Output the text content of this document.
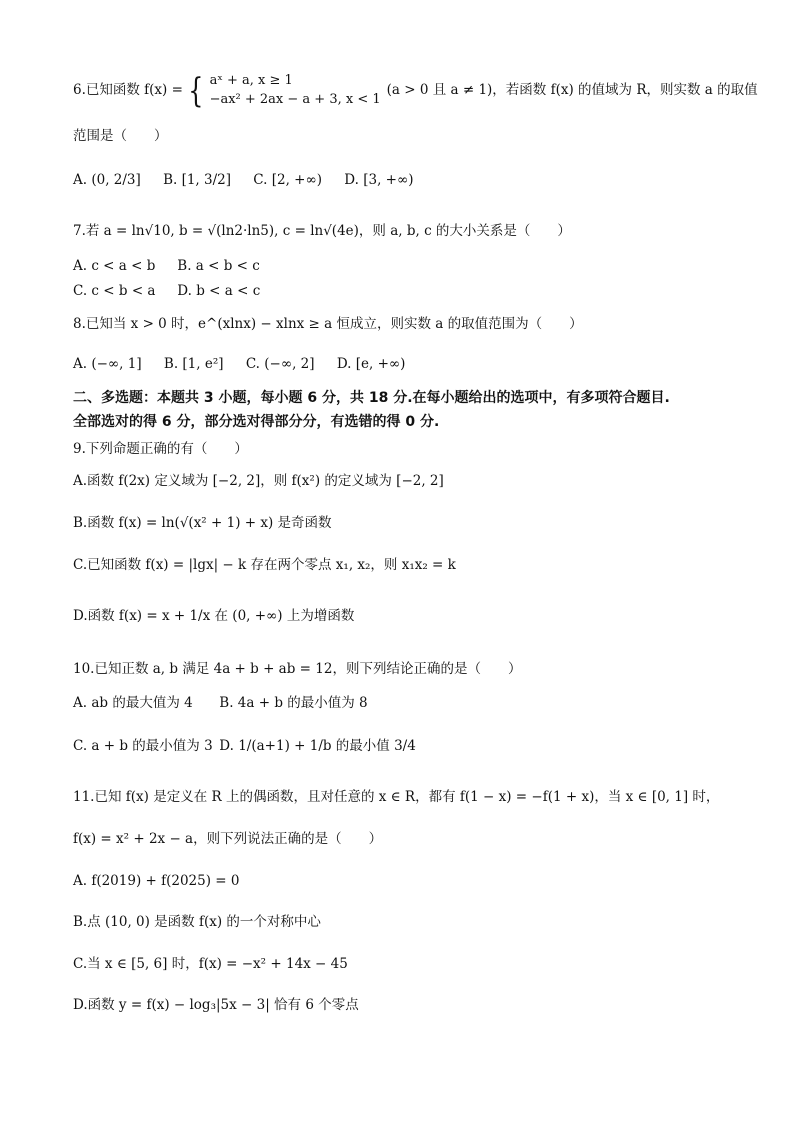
6.已知函数 f(x) = { aˣ + a, x ≥ 1
−ax² + 2ax − a + 3, x < 1
(a > 0 且 a ≠ 1)，若函数 f(x) 的值域为 R，则实数 a 的取值
范围是（　　）
A. (0, 2/3] B. [1, 3/2] C. [2, +∞) D. [3, +∞)
7.若 a = ln√10, b = √(ln2·ln5), c = ln√(4e)，则 a, b, c 的大小关系是（　　）
A. c < a < b B. a < b < c
C. c < b < a D. b < a < c
8.已知当 x > 0 时，e^(xlnx) − xlnx ≥ a 恒成立，则实数 a 的取值范围为（　　）
A. (−∞, 1] B. [1, e²] C. (−∞, 2] D. [e, +∞)
二、多选题：本题共 3 小题，每小题 6 分，共 18 分.在每小题给出的选项中，有多项符合题目.
全部选对的得 6 分，部分选对得部分分，有选错的得 0 分.
9.下列命题正确的有（　　）
A.函数 f(2x) 定义域为 [−2, 2]，则 f(x²) 的定义域为 [−2, 2]
B.函数 f(x) = ln(√(x² + 1) + x) 是奇函数
C.已知函数 f(x) = |lgx| − k 存在两个零点 x₁, x₂，则 x₁x₂ = k
D.函数 f(x) = x + 1/x 在 (0, +∞) 上为增函数
10.已知正数 a, b 满足 4a + b + ab = 12，则下列结论正确的是（　　）
A. ab 的最大值为 4 B. 4a + b 的最小值为 8
C. a + b 的最小值为 3 D. 1/(a+1) + 1/b 的最小值 3/4
11.已知 f(x) 是定义在 R 上的偶函数，且对任意的 x ∈ R，都有 f(1 − x) = −f(1 + x)，当 x ∈ [0, 1] 时，
f(x) = x² + 2x − a，则下列说法正确的是（　　）
A. f(2019) + f(2025) = 0
B.点 (10, 0) 是函数 f(x) 的一个对称中心
C.当 x ∈ [5, 6] 时，f(x) = −x² + 14x − 45
D.函数 y = f(x) − log₃|5x − 3| 恰有 6 个零点
